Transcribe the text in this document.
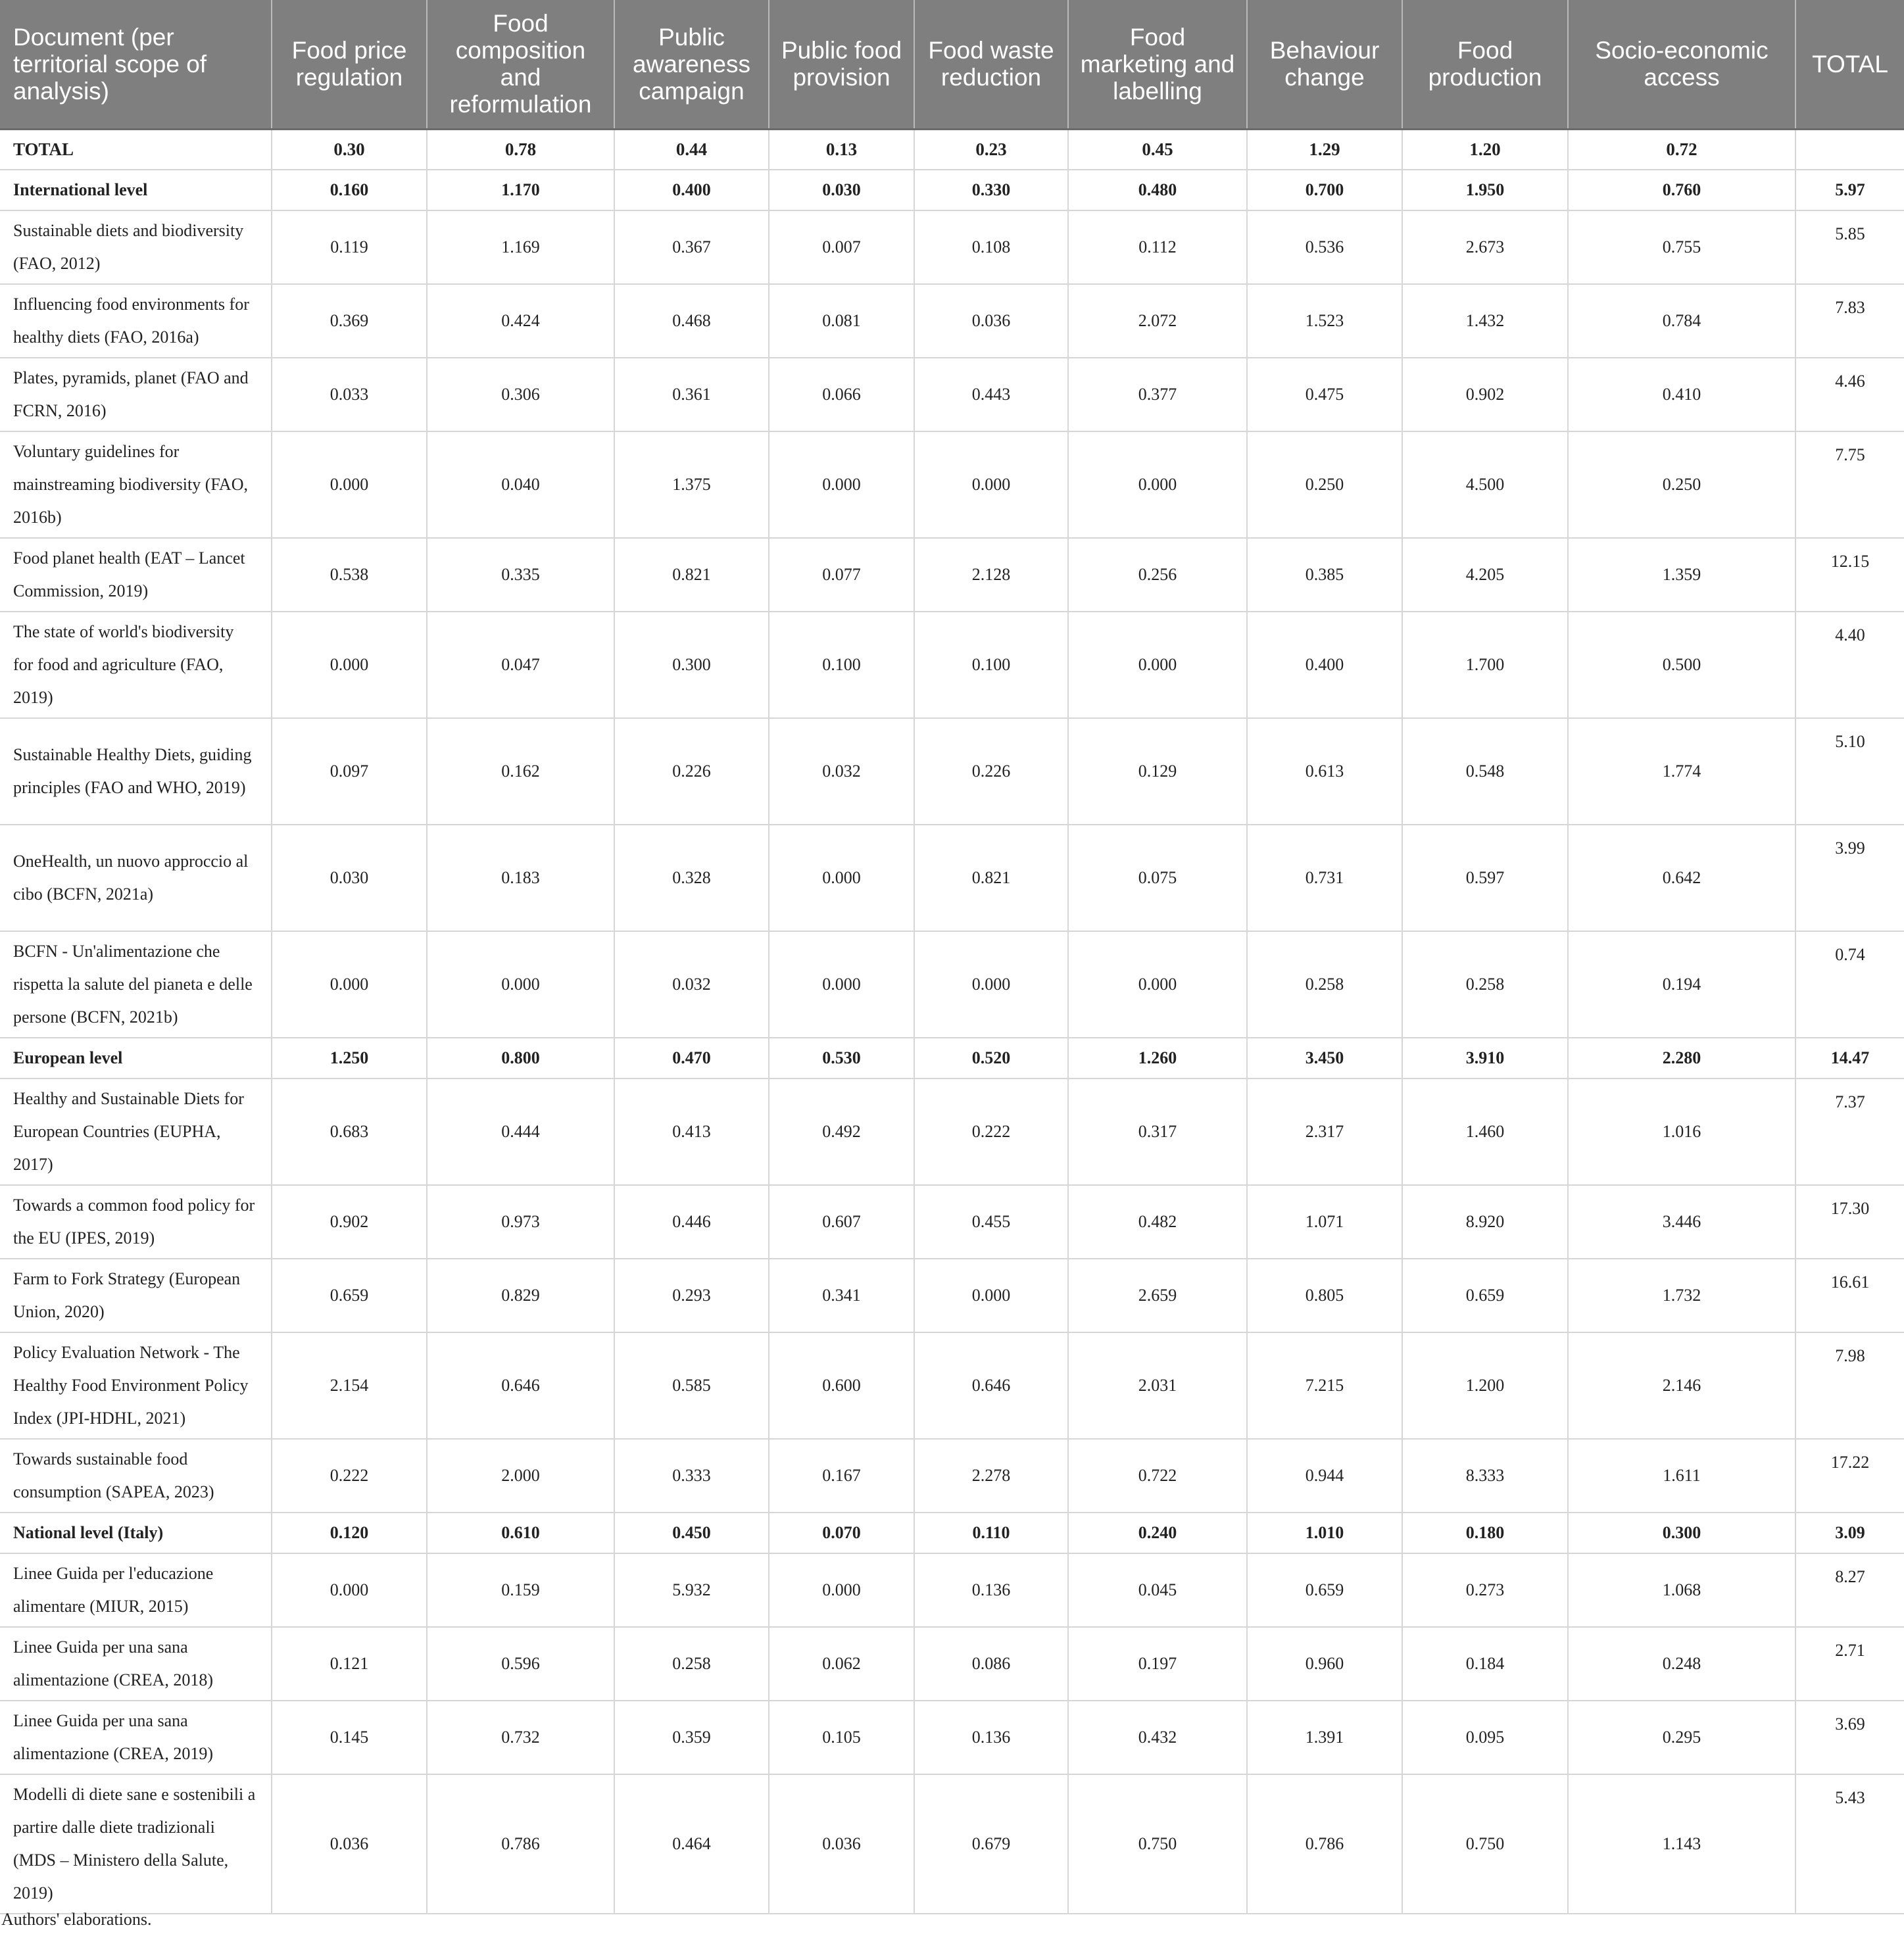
Document (per territorial scope of analysis)	Food price regulation	Food composition and reformulation	Public awareness campaign	Public food provision	Food waste reduction	Food marketing and labelling	Behaviour change	Food production	Socio-economic access	TOTAL
TOTAL	0.30	0.78	0.44	0.13	0.23	0.45	1.29	1.20	0.72	
International level	0.160	1.170	0.400	0.030	0.330	0.480	0.700	1.950	0.760	5.97
Sustainable diets and biodiversity (FAO, 2012)	0.119	1.169	0.367	0.007	0.108	0.112	0.536	2.673	0.755	5.85
Influencing food environments for healthy diets (FAO, 2016a)	0.369	0.424	0.468	0.081	0.036	2.072	1.523	1.432	0.784	7.83
Plates, pyramids, planet (FAO and FCRN, 2016)	0.033	0.306	0.361	0.066	0.443	0.377	0.475	0.902	0.410	4.46
Voluntary guidelines for mainstreaming biodiversity (FAO, 2016b)	0.000	0.040	1.375	0.000	0.000	0.000	0.250	4.500	0.250	7.75
Food planet health (EAT – Lancet Commission, 2019)	0.538	0.335	0.821	0.077	2.128	0.256	0.385	4.205	1.359	12.15
The state of world's biodiversity for food and agriculture (FAO, 2019)	0.000	0.047	0.300	0.100	0.100	0.000	0.400	1.700	0.500	4.40
Sustainable Healthy Diets, guiding principles (FAO and WHO, 2019)	0.097	0.162	0.226	0.032	0.226	0.129	0.613	0.548	1.774	5.10
OneHealth, un nuovo approccio al cibo (BCFN, 2021a)	0.030	0.183	0.328	0.000	0.821	0.075	0.731	0.597	0.642	3.99
BCFN - Un'alimentazione che rispetta la salute del pianeta e delle persone (BCFN, 2021b)	0.000	0.000	0.032	0.000	0.000	0.000	0.258	0.258	0.194	0.74
European level	1.250	0.800	0.470	0.530	0.520	1.260	3.450	3.910	2.280	14.47
Healthy and Sustainable Diets for European Countries (EUPHA, 2017)	0.683	0.444	0.413	0.492	0.222	0.317	2.317	1.460	1.016	7.37
Towards a common food policy for the EU (IPES, 2019)	0.902	0.973	0.446	0.607	0.455	0.482	1.071	8.920	3.446	17.30
Farm to Fork Strategy (European Union, 2020)	0.659	0.829	0.293	0.341	0.000	2.659	0.805	0.659	1.732	16.61
Policy Evaluation Network - The Healthy Food Environment Policy Index (JPI-HDHL, 2021)	2.154	0.646	0.585	0.600	0.646	2.031	7.215	1.200	2.146	7.98
Towards sustainable food consumption (SAPEA, 2023)	0.222	2.000	0.333	0.167	2.278	0.722	0.944	8.333	1.611	17.22
National level (Italy)	0.120	0.610	0.450	0.070	0.110	0.240	1.010	0.180	0.300	3.09
Linee Guida per l'educazione alimentare (MIUR, 2015)	0.000	0.159	5.932	0.000	0.136	0.045	0.659	0.273	1.068	8.27
Linee Guida per una sana alimentazione (CREA, 2018)	0.121	0.596	0.258	0.062	0.086	0.197	0.960	0.184	0.248	2.71
Linee Guida per una sana alimentazione (CREA, 2019)	0.145	0.732	0.359	0.105	0.136	0.432	1.391	0.095	0.295	3.69
Modelli di diete sane e sostenibili a partire dalle diete tradizionali (MDS – Ministero della Salute, 2019)	0.036	0.786	0.464	0.036	0.679	0.750	0.786	0.750	1.143	5.43
Authors' elaborations.
